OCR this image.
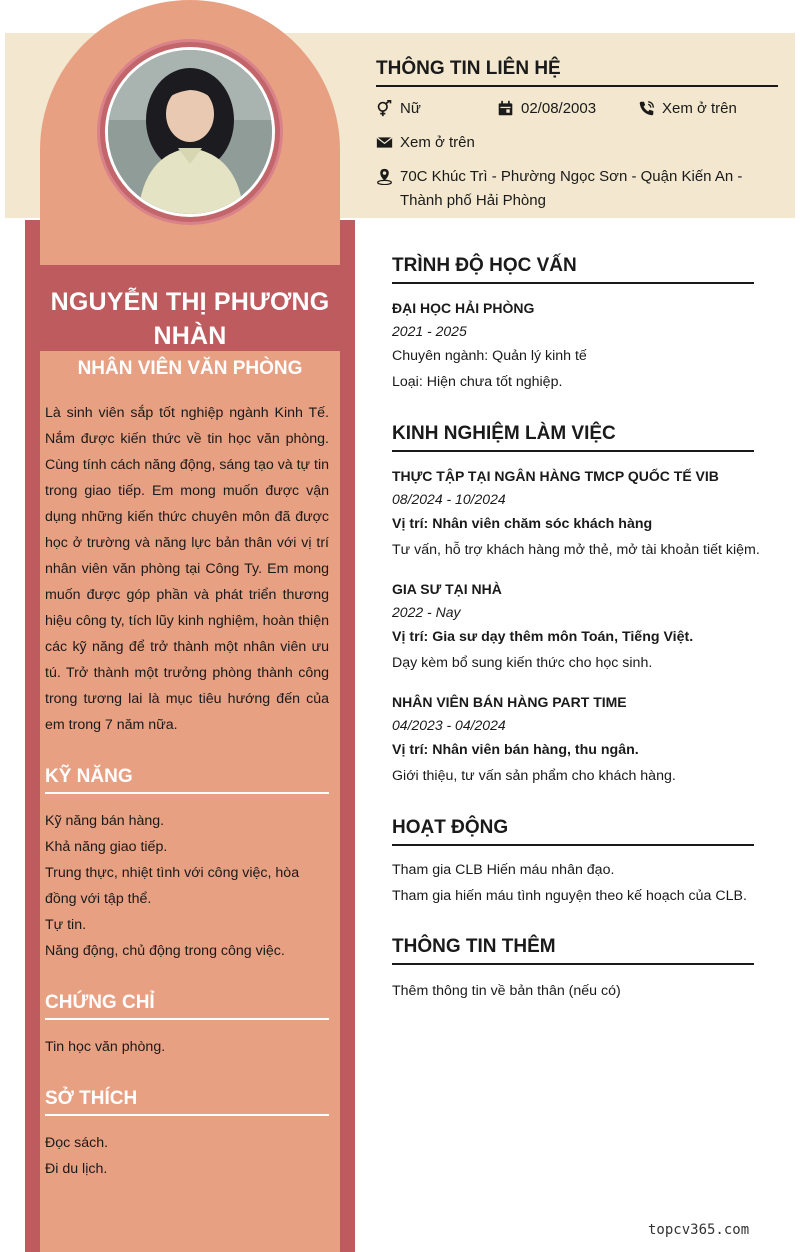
NGUYỄN THỊ PHƯƠNG NHÀN
NHÂN VIÊN VĂN PHÒNG

Là sinh viên sắp tốt nghiệp ngành Kinh Tế. Nắm được kiến thức về tin học văn phòng. Cùng tính cách năng động, sáng tạo và tự tin trong giao tiếp. Em mong muốn được vận dụng những kiến thức chuyên môn đã được học ở trường và năng lực bản thân với vị trí nhân viên văn phòng tại Công Ty. Em mong muốn được góp phần và phát triển thương hiệu công ty, tích lũy kinh nghiệm, hoàn thiện các kỹ năng để trở thành một nhân viên ưu tú. Trở thành một trưởng phòng thành công trong tương lai là mục tiêu hướng đến của em trong 7 năm nữa.

KỸ NĂNG
Kỹ năng bán hàng.
Khả năng giao tiếp.
Trung thực, nhiệt tình với công việc, hòa đồng với tập thể.
Tự tin.
Năng động, chủ động trong công việc.
CHỨNG CHỈ
Tin học văn phòng.
SỞ THÍCH
Đọc sách.
Đi du lịch.
THÔNG TIN LIÊN HỆ
Nữ	02/08/2003	Xem ở trên
Xem ở trên
70C Khúc Trì - Phường Ngọc Sơn - Quận Kiến An - Thành phố Hải Phòng
TRÌNH ĐỘ HỌC VẤN
ĐẠI HỌC HẢI PHÒNG
2021 - 2025
Chuyên ngành: Quản lý kinh tế
Loại: Hiện chưa tốt nghiệp.
KINH NGHIỆM LÀM VIỆC
THỰC TẬP TẠI NGÂN HÀNG TMCP QUỐC TẾ VIB
08/2024 - 10/2024
Vị trí: Nhân viên chăm sóc khách hàng
Tư vấn, hỗ trợ khách hàng mở thẻ, mở tài khoản tiết kiệm.
GIA SƯ TẠI NHÀ
2022 - Nay
Vị trí: Gia sư dạy thêm môn Toán, Tiếng Việt.
Dạy kèm bổ sung kiến thức cho học sinh.
NHÂN VIÊN BÁN HÀNG PART TIME
04/2023 - 04/2024
Vị trí: Nhân viên bán hàng, thu ngân.
Giới thiệu, tư vấn sản phẩm cho khách hàng.
HOẠT ĐỘNG
Tham gia CLB Hiến máu nhân đạo.
Tham gia hiến máu tình nguyện theo kế hoạch của CLB.
THÔNG TIN THÊM
Thêm thông tin về bản thân (nếu có)
topcv365.com
